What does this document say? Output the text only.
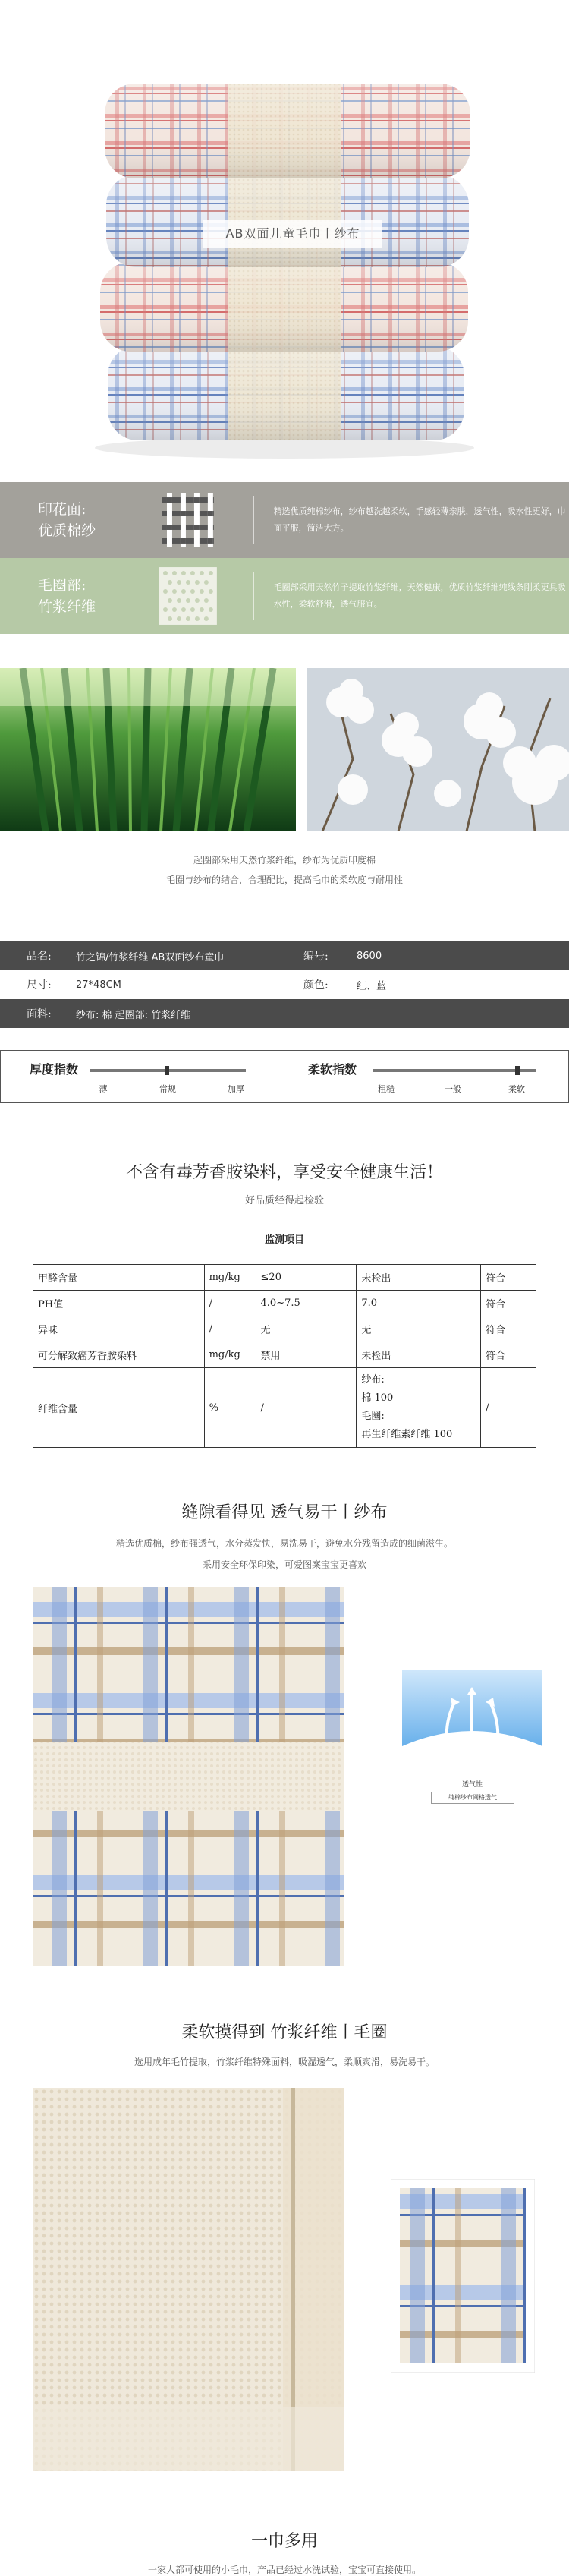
AB双面儿童毛巾丨纱布
印花面:
优质棉纱
精选优质纯棉纱布，纱布越洗越柔软，手感轻薄亲肤，透气性，吸水性更好，巾面平服，简洁大方。
毛圈部:
竹浆纤维
毛圈部采用天然竹子提取竹浆纤维，天然健康，优质竹浆纤维纯线条刚柔更具吸水性，柔软舒滑，透气服宜。
起圈部采用天然竹浆纤维，纱布为优质印度棉
毛圈与纱布的结合，合理配比，提高毛巾的柔软度与耐用性
品名:	竹之锦/竹浆纤维 AB双面纱布童巾	编号:	8600
尺寸:	27*48CM	颜色:	红、蓝
面料:	纱布: 棉 起圈部: 竹浆纤维
厚度指数
薄	常规	加厚
柔软指数
粗糙	一般	柔软
不含有毒芳香胺染料，享受安全健康生活！
好品质经得起检验
监测项目
甲醛含量	mg/kg	≤20	未检出	符合
PH值	/	4.0~7.5	7.0	符合
异味	/	无	无	符合
可分解致癌芳香胺染料	mg/kg	禁用	未检出	符合
纤维含量	%	/	纱布:
棉 100
毛圈:
再生纤维素纤维 100	/
缝隙看得见 透气易干丨纱布
精选优质棉，纱布强透气，水分蒸发快，易洗易干，避免水分残留造成的细菌滋生。
采用安全环保印染，可爱图案宝宝更喜欢
透气性
纯棉纱布网格透气
柔软摸得到 竹浆纤维丨毛圈
选用成年毛竹提取，竹浆纤维特殊面料，吸湿透气，柔顺爽滑，易洗易干。
一巾多用
一家人都可使用的小毛巾，产品已经过水洗试验，宝宝可直接使用。
